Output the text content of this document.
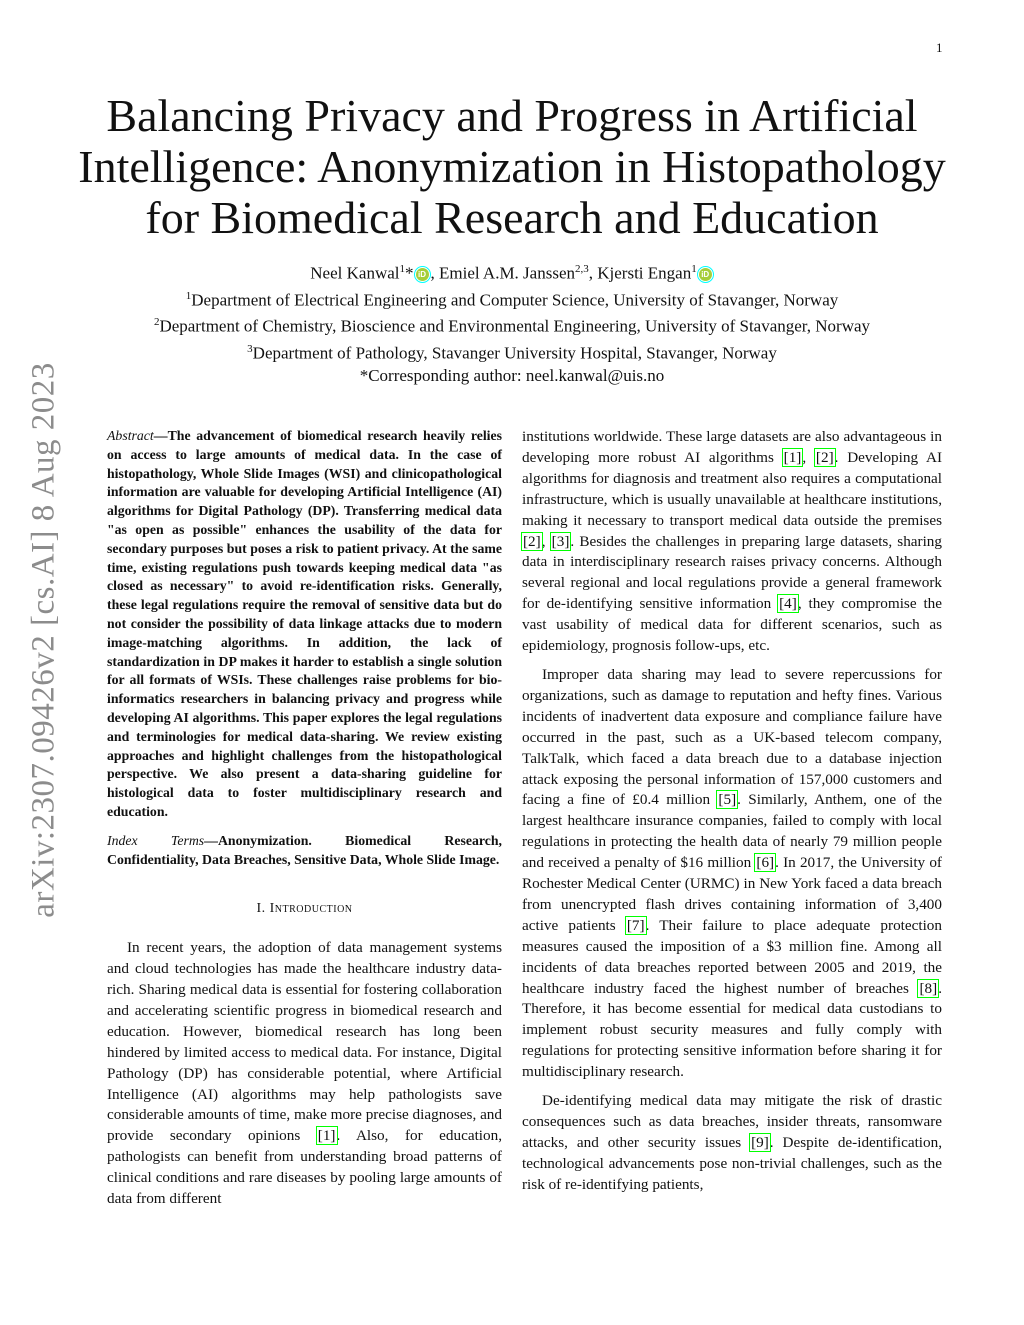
1
arXiv:2307.09426v2 [cs.AI] 8 Aug 2023
Balancing Privacy and Progress in Artificial Intelligence: Anonymization in Histopathology for Biomedical Research and Education
Neel Kanwal$^1$* iD , Emiel A.M. Janssen$^{2,3}$, Kjersti Engan$^1$ iD
$^1$Department of Electrical Engineering and Computer Science, University of Stavanger, Norway
$^2$Department of Chemistry, Bioscience and Environmental Engineering, University of Stavanger, Norway
$^3$Department of Pathology, Stavanger University Hospital, Stavanger, Norway
*Corresponding author: neel.kanwal@uis.no

Abstract—The advancement of biomedical research heavily relies on access to large amounts of medical data. In the case of histopathology, Whole Slide Images (WSI) and clinicopathological information are valuable for developing Artificial Intelligence (AI) algorithms for Digital Pathology (DP). Transferring medical data "as open as possible" enhances the usability of the data for secondary purposes but poses a risk to patient privacy. At the same time, existing regulations push towards keeping medical data "as closed as necessary" to avoid re-identification risks. Generally, these legal regulations require the removal of sensitive data but do not consider the possibility of data linkage attacks due to modern image-matching algorithms. In addition, the lack of standardization in DP makes it harder to establish a single solution for all formats of WSIs. These challenges raise problems for bio-informatics researchers in balancing privacy and progress while developing AI algorithms. This paper explores the legal regulations and terminologies for medical data-sharing. We review existing approaches and highlight challenges from the histopathological perspective. We also present a data-sharing guideline for histological data to foster multidisciplinary research and education.

Index Terms—Anonymization. Biomedical Research, Confidentiality, Data Breaches, Sensitive Data, Whole Slide Image.

I. Introduction

In recent years, the adoption of data management systems and cloud technologies has made the healthcare industry data-rich. Sharing medical data is essential for fostering collaboration and accelerating scientific progress in biomedical research and education. However, biomedical research has long been hindered by limited access to medical data. For instance, Digital Pathology (DP) has considerable potential, where Artificial Intelligence (AI) algorithms may help pathologists save considerable amounts of time, make more precise diagnoses, and provide secondary opinions [1]. Also, for education, pathologists can benefit from understanding broad patterns of clinical conditions and rare diseases by pooling large amounts of data from different

institutions worldwide. These large datasets are also advantageous in developing more robust AI algorithms [1], [2]. Developing AI algorithms for diagnosis and treatment also requires a computational infrastructure, which is usually unavailable at healthcare institutions, making it necessary to transport medical data outside the premises [2], [3]. Besides the challenges in preparing large datasets, sharing data in interdisciplinary research raises privacy concerns. Although several regional and local regulations provide a general framework for de-identifying sensitive information [4], they compromise the vast usability of medical data for different scenarios, such as epidemiology, prognosis follow-ups, etc.

Improper data sharing may lead to severe repercussions for organizations, such as damage to reputation and hefty fines. Various incidents of inadvertent data exposure and compliance failure have occurred in the past, such as a UK-based telecom company, TalkTalk, which faced a data breach due to a database injection attack exposing the personal information of 157,000 customers and facing a fine of £0.4 million [5]. Similarly, Anthem, one of the largest healthcare insurance companies, failed to comply with local regulations in protecting the health data of nearly 79 million people and received a penalty of $16 million [6]. In 2017, the University of Rochester Medical Center (URMC) in New York faced a data breach from unencrypted flash drives containing information of 3,400 active patients [7]. Their failure to place adequate protection measures caused the imposition of a $3 million fine. Among all incidents of data breaches reported between 2005 and 2019, the healthcare industry faced the highest number of breaches [8]. Therefore, it has become essential for medical data custodians to implement robust security measures and fully comply with regulations for protecting sensitive information before sharing it for multidisciplinary research.

De-identifying medical data may mitigate the risk of drastic consequences such as data breaches, insider threats, ransomware attacks, and other security issues [9]. Despite de-identification, technological advancements pose non-trivial challenges, such as the risk of re-identifying patients,
